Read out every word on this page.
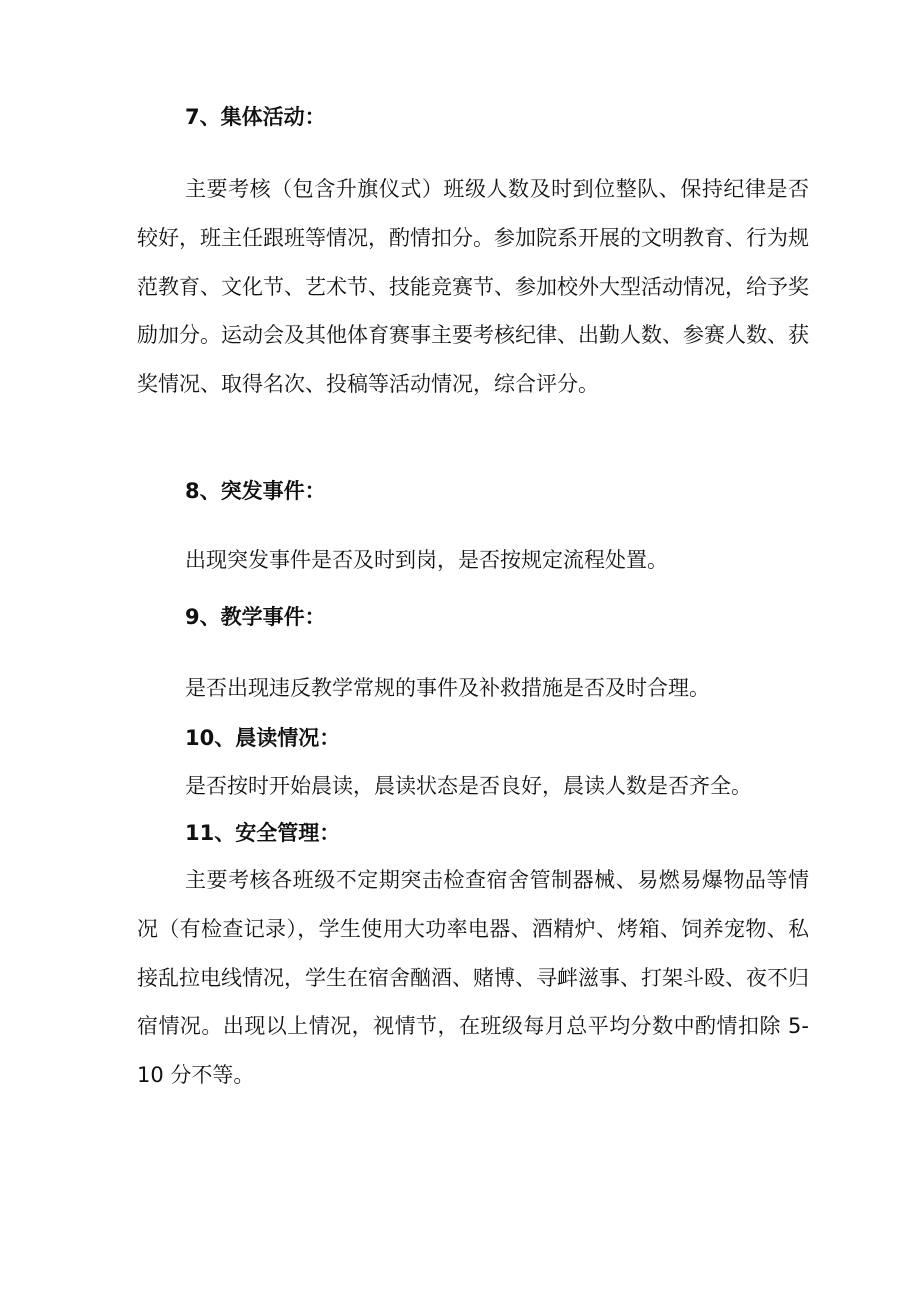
7、集体活动：

主要考核（包含升旗仪式）班级人数及时到位整队、保持纪律是否较好，班主任跟班等情况，酌情扣分。参加院系开展的文明教育、行为规范教育、文化节、艺术节、技能竞赛节、参加校外大型活动情况，给予奖励加分。运动会及其他体育赛事主要考核纪律、出勤人数、参赛人数、获奖情况、取得名次、投稿等活动情况，综合评分。

8、突发事件：
出现突发事件是否及时到岗，是否按规定流程处置。
9、教学事件：
是否出现违反教学常规的事件及补救措施是否及时合理。
10、晨读情况：
是否按时开始晨读，晨读状态是否良好，晨读人数是否齐全。
11、安全管理：

主要考核各班级不定期突击检查宿舍管制器械、易燃易爆物品等情况（有检查记录），学生使用大功率电器、酒精炉、烤箱、饲养宠物、私接乱拉电线情况，学生在宿舍酗酒、赌博、寻衅滋事、打架斗殴、夜不归宿情况。出现以上情况，视情节，在班级每月总平均分数中酌情扣除 5-10 分不等。
